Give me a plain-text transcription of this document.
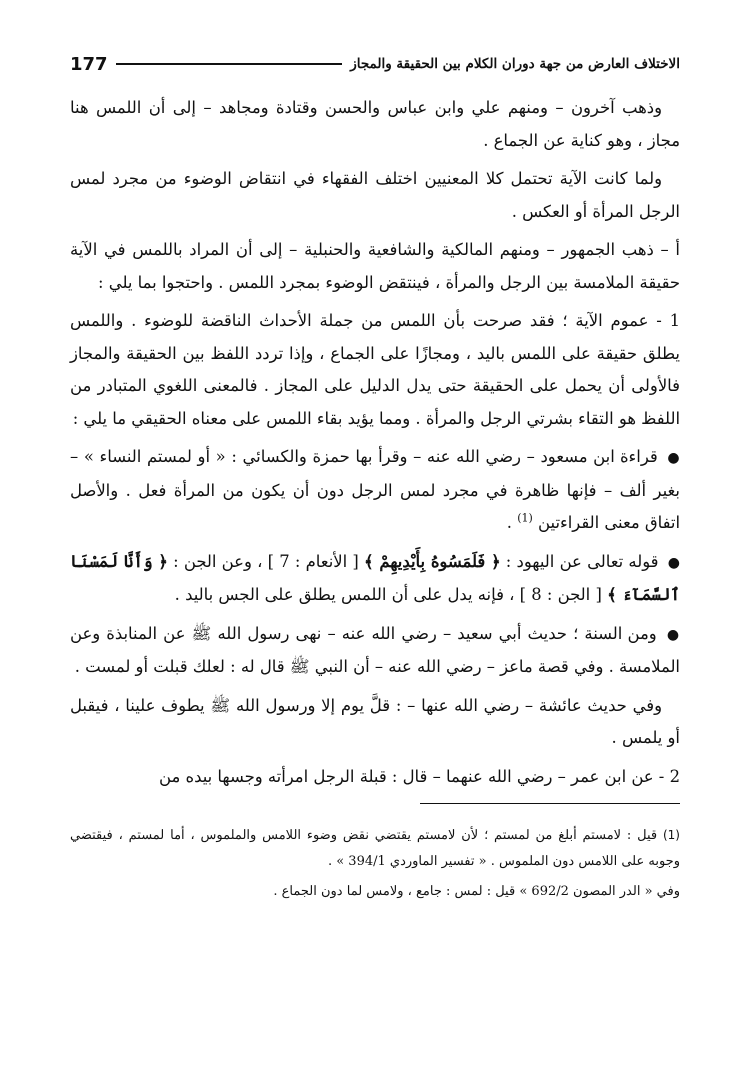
الاختلاف العارض من جهة دوران الكلام بين الحقيقة والمجاز
177

وذهب آخرون – ومنهم علي وابن عباس والحسن وقتادة ومجاهد – إلى أن اللمس هنا مجاز ، وهو كناية عن الجماع .

ولما كانت الآية تحتمل كلا المعنيين اختلف الفقهاء في انتقاض الوضوء من مجرد لمس الرجل المرأة أو العكس .

أ – ذهب الجمهور – ومنهم المالكية والشافعية والحنبلية – إلى أن المراد باللمس في الآية حقيقة الملامسة بين الرجل والمرأة ، فينتقض الوضوء بمجرد اللمس . واحتجوا بما يلي :

1 - عموم الآية ؛ فقد صرحت بأن اللمس من جملة الأحداث الناقضة للوضوء . واللمس يطلق حقيقة على اللمس باليد ، ومجازًا على الجماع ، وإذا تردد اللفظ بين الحقيقة والمجاز فالأولى أن يحمل على الحقيقة حتى يدل الدليل على المجاز . فالمعنى اللغوي المتبادر من اللفظ هو التقاء بشرتي الرجل والمرأة . ومما يؤيد بقاء اللمس على معناه الحقيقي ما يلي :

● قراءة ابن مسعود – رضي الله عنه – وقرأ بها حمزة والكسائي : « أو لمستم النساء » – بغير ألف – فإنها ظاهرة في مجرد لمس الرجل دون أن يكون من المرأة فعل . والأصل اتفاق معنى القراءتين $^{(1)}$ .

● قوله تعالى عن اليهود : ﴿ فَلَمَسُوهُ بِأَيْدِيهِمْ ﴾ [ الأنعام : 7 ] ، وعن الجن : ﴿ وَأَنَّا لَمَسْنَا ٱلسَّمَآءَ ﴾ [ الجن : 8 ] ، فإنه يدل على أن اللمس يطلق على الجس باليد .

● ومن السنة ؛ حديث أبي سعيد – رضي الله عنه – نهى رسول الله ﷺ عن المنابذة وعن الملامسة . وفي قصة ماعز – رضي الله عنه – أن النبي ﷺ قال له : لعلك قبلت أو لمست .

وفي حديث عائشة – رضي الله عنها – : قلَّ يوم إلا ورسول الله ﷺ يطوف علينا ، فيقبل أو يلمس .

2 - عن ابن عمر – رضي الله عنهما – قال : قبلة الرجل امرأته وجسها بيده من

(1) قيل : لامستم أبلغ من لمستم ؛ لأن لامستم يقتضي نقض وضوء اللامس والملموس ، أما لمستم ، فيقتضي وجوبه على اللامس دون الملموس . « تفسير الماوردي 394/1 » .

وفي « الدر المصون 692/2 » قيل : لمس : جامع ، ولامس لما دون الجماع .
